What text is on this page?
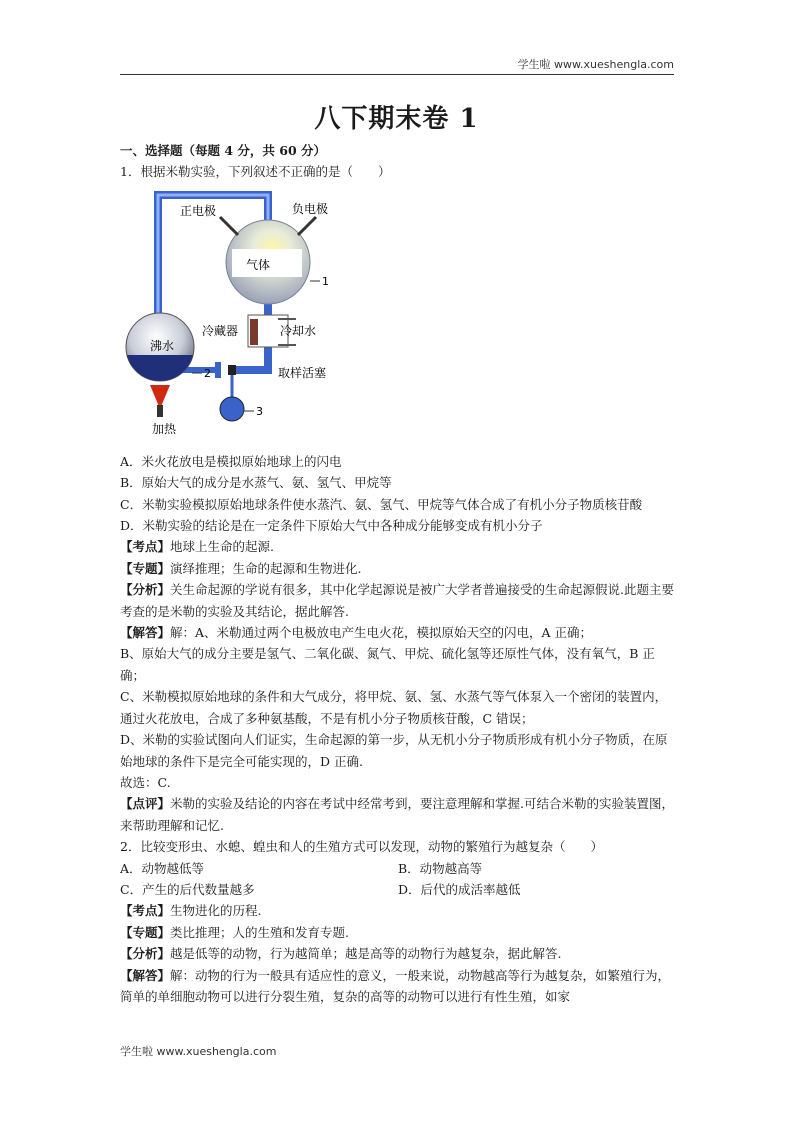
学生啦 www.xueshengla.com
八下期末卷 1
一、选择题（每题 4 分，共 60 分）
1．根据米勒实验，下列叙述不正确的是（　　）
正电极	负电极
气体
1
沸水
2
冷藏器	冷却水
取样活塞
3
加热
A．米火花放电是模拟原始地球上的闪电
B．原始大气的成分是水蒸气、氨、氢气、甲烷等
C．米勒实验模拟原始地球条件使水蒸汽、氨、氢气、甲烷等气体合成了有机小分子物质核苷酸
D．米勒实验的结论是在一定条件下原始大气中各种成分能够变成有机小分子
【考点】地球上生命的起源.
【专题】演绎推理；生命的起源和生物进化.
【分析】关生命起源的学说有很多，其中化学起源说是被广大学者普遍接受的生命起源假说.此题主要考查的是米勒的实验及其结论，据此解答.
【解答】解：A、米勒通过两个电极放电产生电火花，模拟原始天空的闪电，A 正确；
B、原始大气的成分主要是氢气、二氧化碳、氮气、甲烷、硫化氢等还原性气体，没有氧气，B 正确；
C、米勒模拟原始地球的条件和大气成分，将甲烷、氨、氢、水蒸气等气体泵入一个密闭的装置内，通过火花放电，合成了多种氨基酸，不是有机小分子物质核苷酸，C 错误；
D、米勒的实验试图向人们证实，生命起源的第一步，从无机小分子物质形成有机小分子物质，在原始地球的条件下是完全可能实现的，D 正确.
故选：C.
【点评】米勒的实验及结论的内容在考试中经常考到，要注意理解和掌握.可结合米勒的实验装置图，来帮助理解和记忆.
2．比较变形虫、水螅、蝗虫和人的生殖方式可以发现，动物的繁殖行为越复杂（　　）
A．动物越低等	B．动物越高等
C．产生的后代数量越多	D．后代的成活率越低
【考点】生物进化的历程.
【专题】类比推理；人的生殖和发育专题.
【分析】越是低等的动物，行为越简单；越是高等的动物行为越复杂，据此解答.
【解答】解：动物的行为一般具有适应性的意义，一般来说，动物越高等行为越复杂，如繁殖行为，简单的单细胞动物可以进行分裂生殖，复杂的高等的动物可以进行有性生殖，如家
学生啦 www.xueshengla.com
